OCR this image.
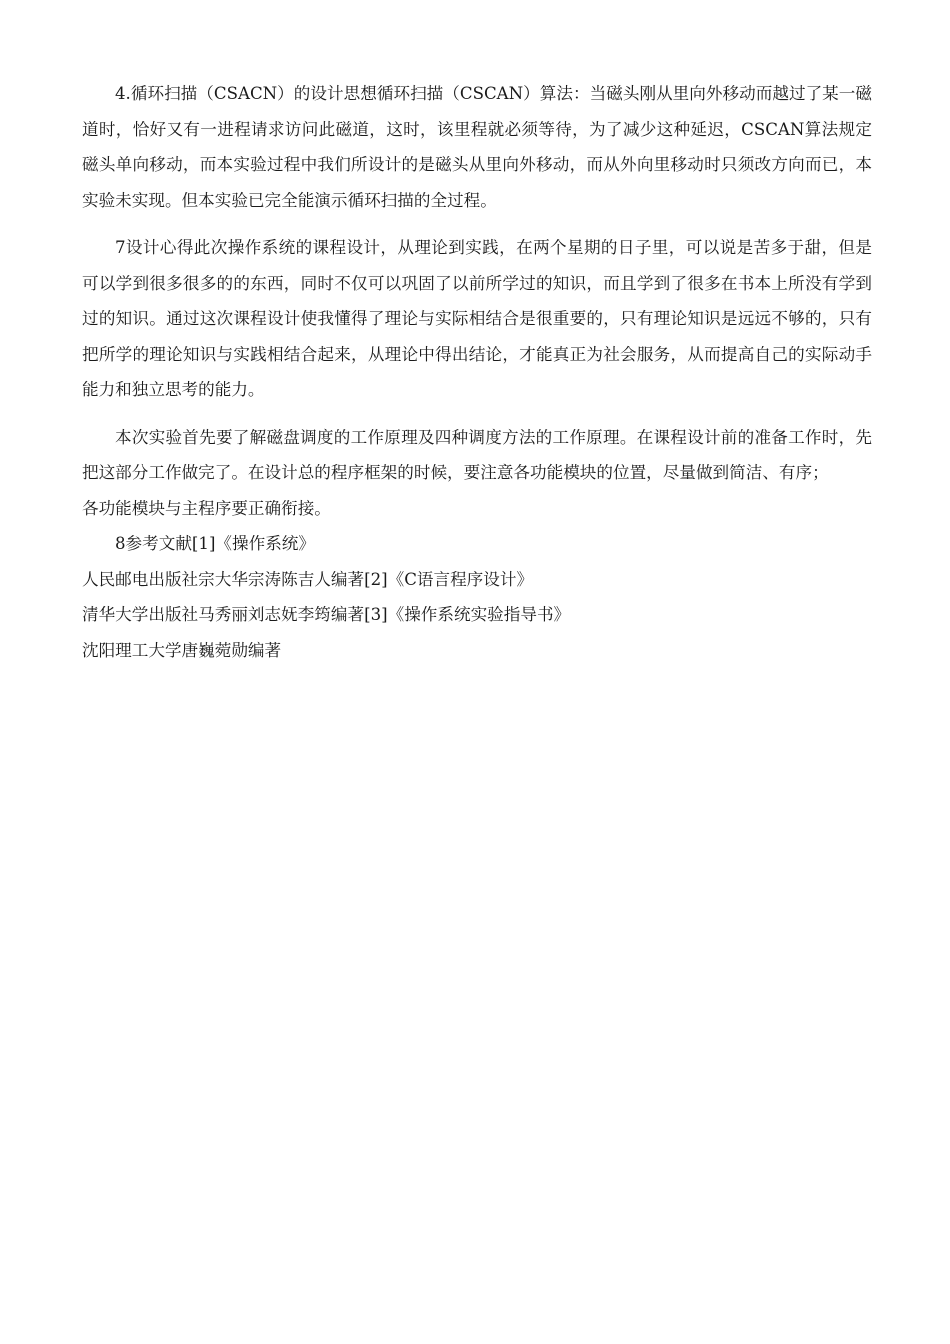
4.循环扫描（CSACN）的设计思想循环扫描（CSCAN）算法：当磁头刚从里向外移动而越过了某一磁道时，恰好又有一进程请求访问此磁道，这时，该里程就必须等待，为了减少这种延迟，CSCAN算法规定磁头单向移动，而本实验过程中我们所设计的是磁头从里向外移动，而从外向里移动时只须改方向而已，本实验未实现。但本实验已完全能演示循环扫描的全过程。

7设计心得此次操作系统的课程设计，从理论到实践，在两个星期的日子里，可以说是苦多于甜，但是可以学到很多很多的的东西，同时不仅可以巩固了以前所学过的知识，而且学到了很多在书本上所没有学到过的知识。通过这次课程设计使我懂得了理论与实际相结合是很重要的，只有理论知识是远远不够的，只有把所学的理论知识与实践相结合起来，从理论中得出结论，才能真正为社会服务，从而提高自己的实际动手能力和独立思考的能力。

本次实验首先要了解磁盘调度的工作原理及四种调度方法的工作原理。在课程设计前的准备工作时，先把这部分工作做完了。在设计总的程序框架的时候，要注意各功能模块的位置，尽量做到简洁、有序；

各功能模块与主程序要正确衔接。

8参考文献[1]《操作系统》

人民邮电出版社宗大华宗涛陈吉人编著[2]《C语言程序设计》

清华大学出版社马秀丽刘志妩李筠编著[3]《操作系统实验指导书》

沈阳理工大学唐巍菀勋编著
